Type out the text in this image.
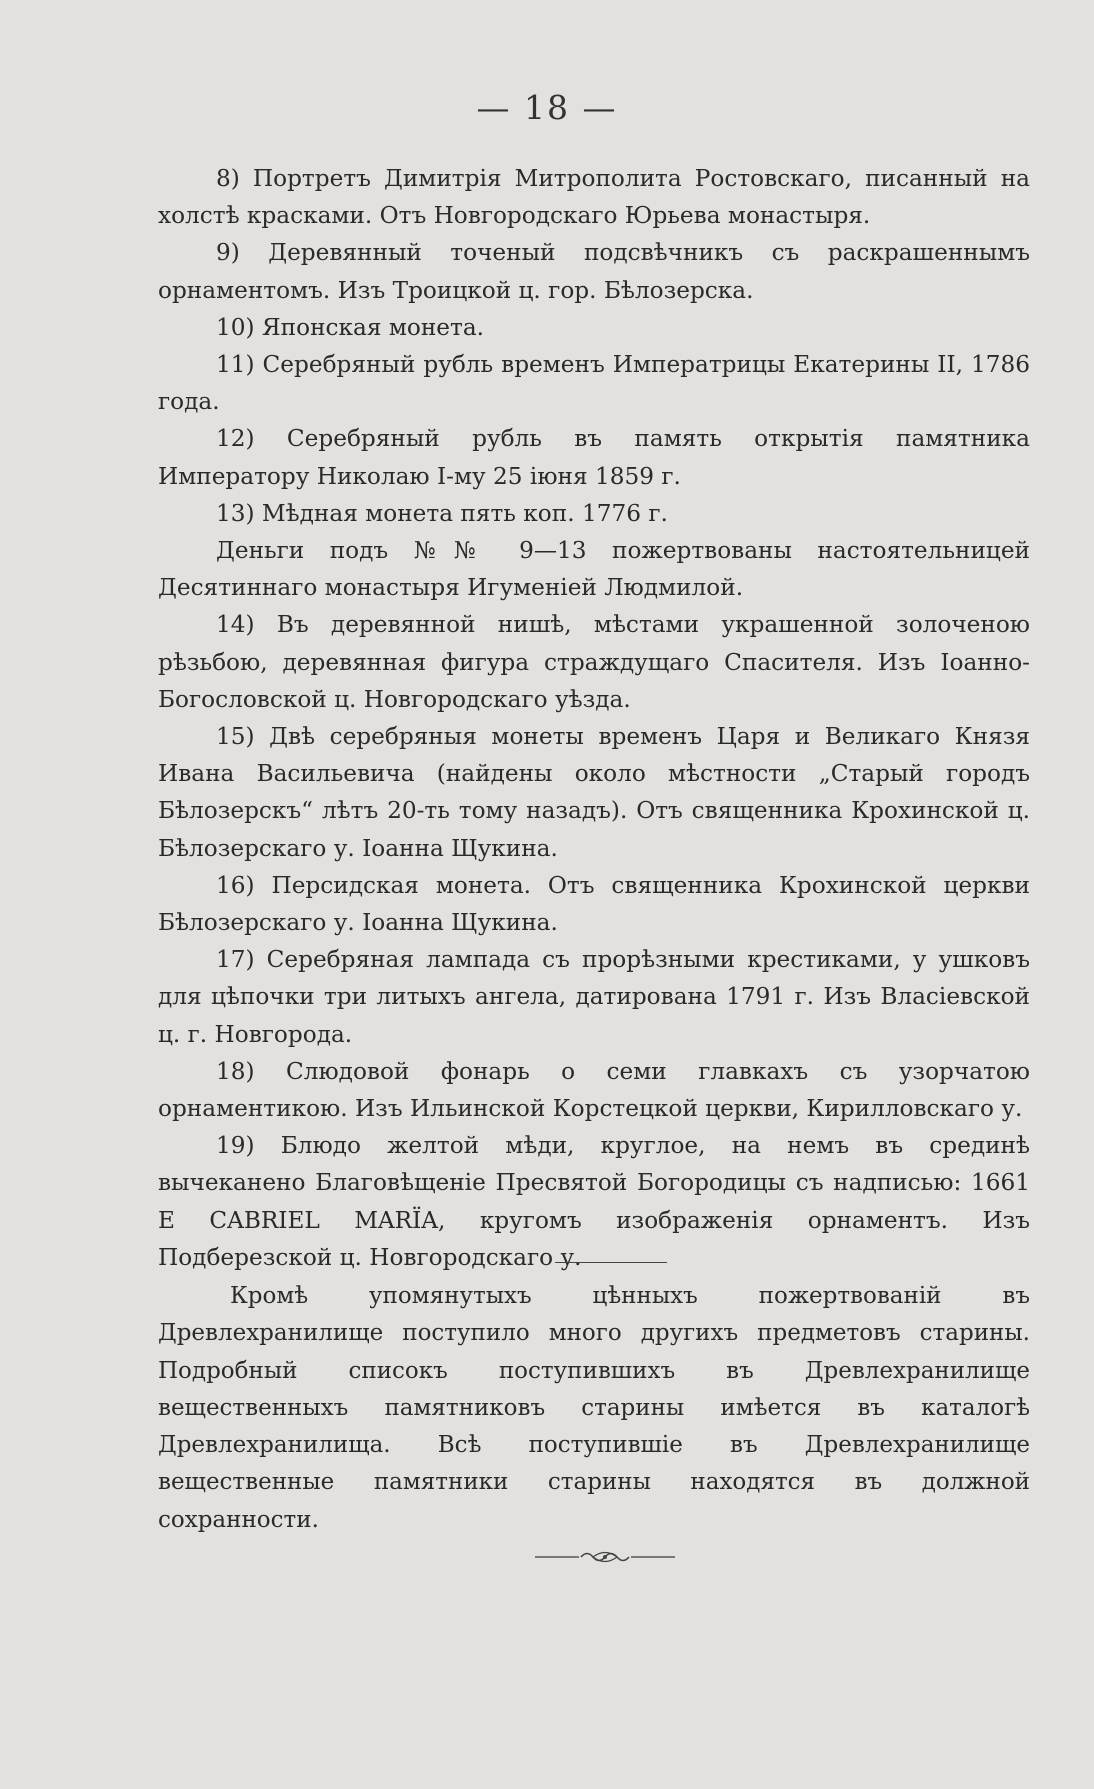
— 18 —

8) Портретъ Димитрія Митрополита Ростовскаго, писанный на холстѣ красками. Отъ Новгородскаго Юрьева монастыря.

9) Деревянный точеный подсвѣчникъ съ раскрашеннымъ орнаментомъ. Изъ Троицкой ц. гор. Бѣлозерска.

10) Японская монета.

11) Серебряный рубль временъ Императрицы Екатерины II, 1786 года.

12) Серебряный рубль въ память открытія памятника Императору Николаю I-му 25 іюня 1859 г.

13) Мѣдная монета пять коп. 1776 г.

Деньги подъ №№ 9—13 пожертвованы настоятельницей Десятиннаго монастыря Игуменіей Людмилой.

14) Въ деревянной нишѣ, мѣстами украшенной золоченою рѣзьбою, деревянная фигура страждущаго Спасителя. Изъ Іоанно-Богословской ц. Новгородскаго уѣзда.

15) Двѣ серебряныя монеты временъ Царя и Великаго Князя Ивана Васильевича (найдены около мѣстности „Старый городъ Бѣлозерскъ“ лѣтъ 20-ть тому назадъ). Отъ священника Крохинской ц. Бѣлозерскаго у. Іоанна Щукина.

16) Персидская монета. Отъ священника Крохинской церкви Бѣлозерскаго у. Іоанна Щукина.

17) Серебряная лампада съ прорѣзными крестиками, у ушковъ для цѣпочки три литыхъ ангела, датирована 1791 г. Изъ Власіевской ц. г. Новгорода.

18) Слюдовой фонарь о семи главкахъ съ узорчатою орнаментикою. Изъ Ильинской Корстецкой церкви, Кирилловскаго у.

19) Блюдо желтой мѣди, круглое, на немъ въ срединѣ вычеканено Благовѣщеніе Пресвятой Богородицы съ надписью: 1661 Е CABRIEL MARÏA, кругомъ изображенія орнаментъ. Изъ Подберезской ц. Новгородскаго у.

Кромѣ упомянутыхъ цѣнныхъ пожертвованій въ Древлехранилище поступило много другихъ предметовъ старины. Подробный списокъ поступившихъ въ Древлехранилище вещественныхъ памятниковъ старины имѣется въ каталогѣ Древлехранилища. Всѣ поступившіе въ Древлехранилище вещественные памятники старины находятся въ должной сохранности.
